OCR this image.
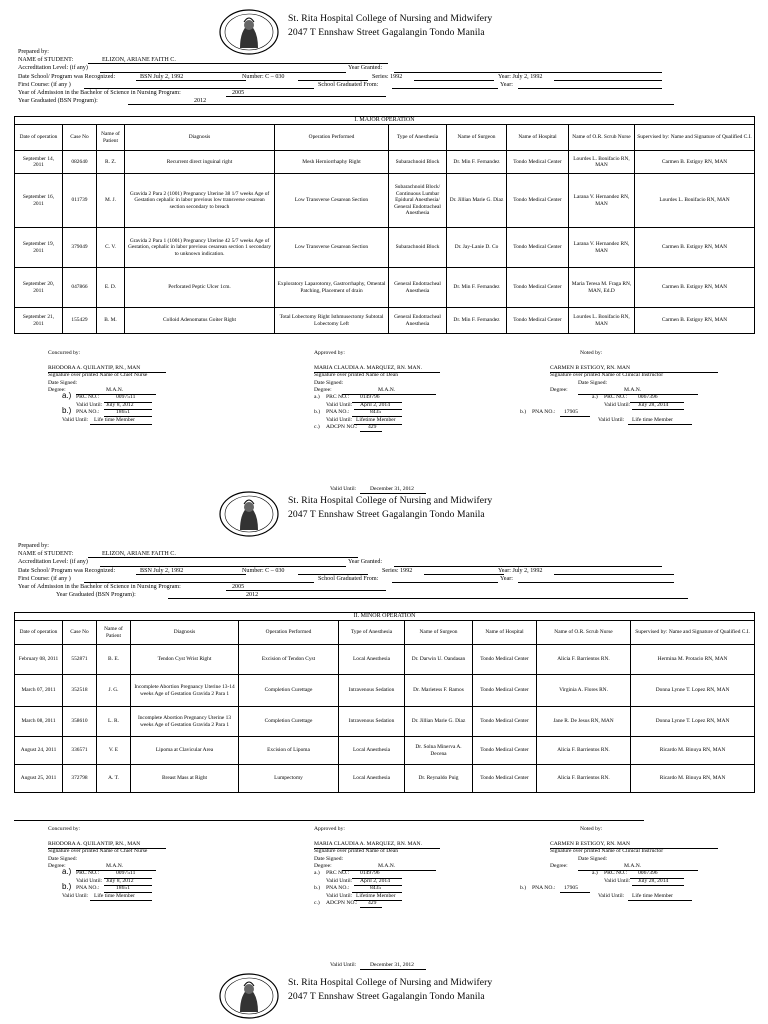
St. Rita Hospital College of Nursing and Midwifery
2047 T Ennshaw Street Gagalangin Tondo Manila
Prepared by:
NAME of STUDENT:	ELIZON, ARIANE FAITH C.
Accreditation Level: (if any)	Year Granted:
Date School/ Program was Recognized:	BSN July 2, 1992	Number: C – 030	Series: 1992	Year: July 2, 1992
First Course: (if any )	School Graduated From:	Year:
Year of Admission in the Bachelor of Science in Nursing Program:	2005
Year Graduated (BSN Program):	2012
I. MAJOR OPERATION									
Date of operation	Case No	Name of Patient	Diagnosis	Operation Performed	Type of Anesthesia	Name of Surgeon	Name of Hospital	Name of O.R. Scrub Nurse	Supervised by: Name and Signature of Qualified C.I.
September 14, 2011	082640	R. Z.	Recurrent direct inguinal right	Mesh Herniorrhaphy Right	Subarachnoid Block	Dr. Min F. Fernandez	Tondo Medical Center	Lourdes L. Bonifacio RN, MAN	Carmen B. Estigoy RN, MAN
September 16, 2011	011739	M. J.	Gravida 2 Para 2 (1001) Pregnancy Uterine 38 1/7 weeks Age of Gestation cephalic in labor previous low transverse cesarean section secondary to breach	Low Transverse Cesarean Section	Subarachnoid Block/ Continuous Lumbar Epidural Anesthesia/ General Endotracheal Anesthesia	Dr. Jillian Marie G. Diaz	Tondo Medical Center	Larana V. Hernandez RN, MAN	Lourdes L. Bonifacio RN, MAN
September 19, 2011	379049	C. V.	Gravida 2 Para 1 (1001) Pregnancy Uterine 42 5/7 weeks Age of Gestation, cephalic in labor previous cesarean section 1 secondary to unknown indication.	Low Transverse Cesarean Section	Subarachnoid Block	Dr. Jay-Lanie D. Co	Tondo Medical Center	Larana V. Hernandez RN, MAN	Carmen B. Estigoy RN, MAN
September 20, 2011	047866	E. D.	Perforated Peptic Ulcer 1cm.	Exploratory Laparotomy, Gastrorrhaphy, Omental Patching, Placement of drain	General Endotracheal Anesthesia	Dr. Min F. Fernandez	Tondo Medical Center	Maria Teresa M. Fraga RN, MAN, Ed.D	Carmen B. Estigoy RN, MAN
September 21, 2011	155429	B. M.	Colloid Adenomatus Goiter Right	Total Lobectomy Right Isthmusectomy Subtotal Lobectomy Left	General Endotracheal Anesthesia	Dr. Min F. Fernandez	Tondo Medical Center	Lourdes L. Bonifacio RN, MAN	Carmen B. Estigoy RN, MAN
Concurred by:
RHODORA A. QUILANTIP, RN., MAN
Signature over printed Name of Chief Nurse
Date Signed:
Degree:	M.A.N.
a.) PRC NO.:	0097511
Valid Until: July 8, 2012
b.) PNA NO.:	18651
Valid Until: Life time Member
Approved by:
MARIA CLAUDIA A. MARQUEZ, RN. MAN.
Signature over printed Name of Dean
Date Signed:
Degree:	M.A.N.
a.) PRC NO.: 0149796
Valid Until: April 2, 2014
b.) PNA NO.:	8435
Valid Until: Lifetime Member
c.) ADCPN NO.: 429
Noted by:
CARMEN B ESTIGOY, RN. MAN
Signature over printed Name of Clinical Instructor
Date Signed:
Degree:	M.A.N.
a.) PRC NO.: 0067396
Valid Until: July 28, 2014
b.) PNA NO.: 17905
Valid Until: Life time Member
Valid Until: December 31, 2012
St. Rita Hospital College of Nursing and Midwifery
2047 T Ennshaw Street Gagalangin Tondo Manila
Prepared by:
NAME of STUDENT:	ELIZON, ARIANE FAITH C.
Accreditation Level: (if any)	Year Granted:
Date School/ Program was Recognized:	BSN July 2, 1992	Number: C – 030	Series: 1992	Year: July 2, 1992
First Course: (if any )	School Graduated From:	Year:
Year of Admission in the Bachelor of Science in Nursing Program:	2005
Year Graduated (BSN Program):	2012
II. MINOR OPERATION									
Date of operation	Case No	Name of Patient	Diagnosis	Operation Performed	Type of Anesthesia	Name of Surgeon	Name of Hospital	Name of O.R. Scrub Nurse	Supervised by: Name and Signature of Qualified C.I.
February 08, 2011	552871	B. E.	Tendon Cyst Wrist Right	Excision of Tendon Cyst	Local Anesthesia	Dr. Darwin U. Oandasan	Tondo Medical Center	Alicia F. Barrientos RN.	Hermina M. Protacio RN, MAN
March 07, 2011	352518	J. G.	Incomplete Abortion Pregnancy Uterine 13-14 weeks Age of Gestation Gravida 2 Para 1	Completion Curettage	Intravenous Sedation	Dr. Marietess F. Ramos	Tondo Medical Center	Virginia A. Flores RN.	Donna Lynne T. Lopez RN, MAN
March 08, 2011	358610	L. R.	Incomplete Abortion Pregnancy Uterine 13 weeks Age of Gestation Gravida 2 Para 1	Completion Curettage	Intravenous Sedation	Dr. Jillian Marie G. Diaz	Tondo Medical Center	Jane R. De Jesus RN, MAN	Donna Lynne T. Lopez RN, MAN
August 24, 2011	336571	V. E	Lipoma at Clavicular Area	Excision of Lipoma	Local Anesthesia	Dr. Solna Minerva A. Decena	Tondo Medical Center	Alicia F. Barrientos RN.	Ricardo M. Binuya RN, MAN
August 25, 2011	372798	A. T.	Breast Mass at Right	Lumpectomy	Local Anesthesia	Dr. Reynaldo Puig	Tondo Medical Center	Alicia F. Barrientos RN.	Ricardo M. Binuya RN, MAN
Concurred by:
RHODORA A. QUILANTIP, RN., MAN
Signature over printed Name of Chief Nurse
Date Signed:
Degree:	M.A.N.
a.) PRC NO.:	0097511
Valid Until: July 8, 2012
b.) PNA NO.:	18651
Valid Until: Life time Member
Approved by:
MARIA CLAUDIA A. MARQUEZ, RN. MAN.
Signature over printed Name of Dean
Date Signed:
Degree:	M.A.N.
a.) PRC NO.: 0149796
Valid Until: April 2, 2014
b.) PNA NO.:	8435
Valid Until: Lifetime Member
c.) ADCPN NO.: 429
Noted by:
CARMEN B ESTIGOY, RN. MAN
Signature over printed Name of Clinical Instructor
Date Signed:
Degree:	M.A.N.
a.) PRC NO.: 0067396
Valid Until: July 28, 2014
b.) PNA NO.: 17905
Valid Until: Life time Member
Valid Until: December 31, 2012
St. Rita Hospital College of Nursing and Midwifery
2047 T Ennshaw Street Gagalangin Tondo Manila
